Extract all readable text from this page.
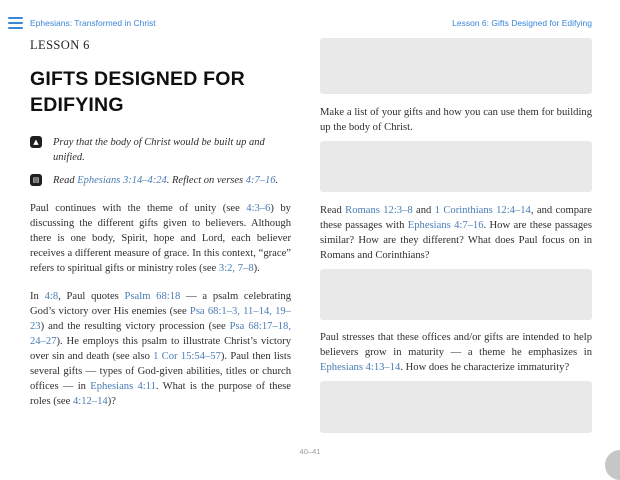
Ephesians: Transformed in Christ	Lesson 6: Gifts Designed for Edifying
LESSON 6
GIFTS DESIGNED FOR EDIFYING
▲	Pray that the body of Christ would be built up and unified.
▤ Read Ephesians 3:14–4:24. Reflect on verses 4:7–16.

Paul continues with the theme of unity (see 4:3–6) by discussing the different gifts given to believers. Although there is one body, Spirit, hope and Lord, each believer receives a different measure of grace. In this context, “grace” refers to spiritual gifts or ministry roles (see 3:2, 7–8).

In 4:8, Paul quotes Psalm 68:18 — a psalm celebrating God’s victory over His enemies (see Psa 68:1–3, 11–14, 19–23) and the resulting victory procession (see Psa 68:17–18, 24–27). He employs this psalm to illustrate Christ’s victory over sin and death (see also 1 Cor 15:54–57). Paul then lists several gifts — types of God-given abilities, titles or church offices — in Ephesians 4:11. What is the purpose of these roles (see 4:12–14)?

Make a list of your gifts and how you can use them for building up the body of Christ.

Read Romans 12:3–8 and 1 Corinthians 12:4–14, and compare these passages with Ephesians 4:7–16. How are these passages similar? How are they different? What does Paul focus on in Romans and Corinthians?

Paul stresses that these offices and/or gifts are intended to help believers grow in maturity — a theme he emphasizes in Ephesians 4:13–14. How does he characterize immaturity?

40–41
